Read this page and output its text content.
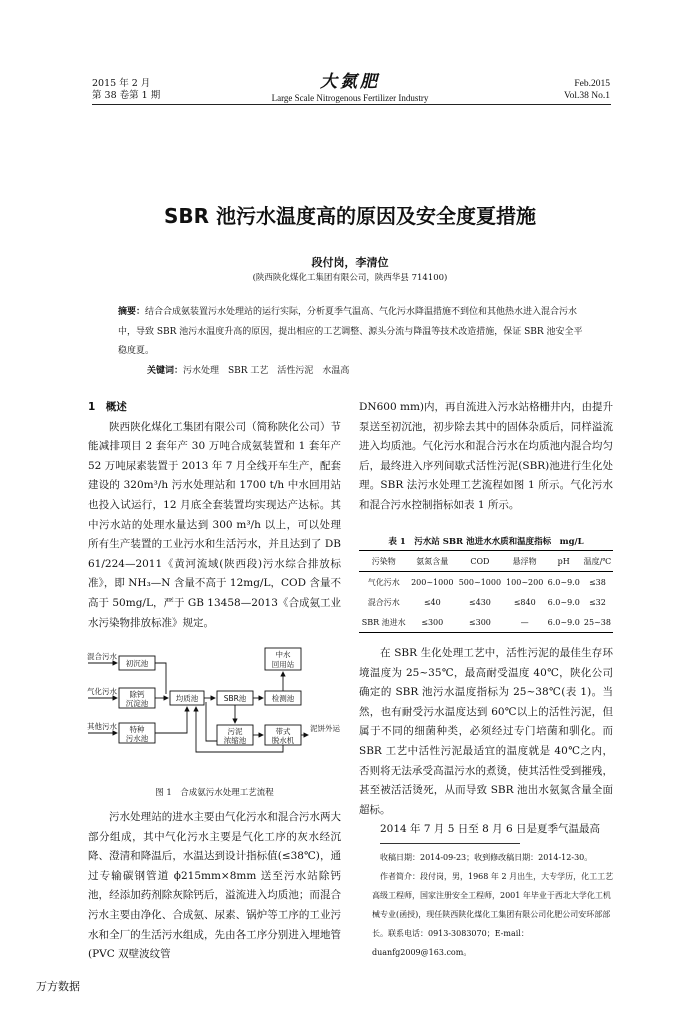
2015 年 2 月
第 38 卷第 1 期
大氮肥
Large Scale Nitrogenous Fertilizer Industry
Feb.2015
Vol.38 No.1
SBR 池污水温度高的原因及安全度夏措施
段付岗，李清位
(陕西陕化煤化工集团有限公司，陕西华县 714100)
摘要：结合合成氨装置污水处理站的运行实际，分析夏季气温高、气化污水降温措施不到位和其他热水进入混合污水中，导致 SBR 池污水温度升高的原因，提出相应的工艺调整、源头分流与降温等技术改造措施，保证 SBR 池安全平稳度夏。
关键词：污水处理　SBR 工艺　活性污泥　水温高
1　概述

陕西陕化煤化工集团有限公司（简称陕化公司）节能减排项目 2 套年产 30 万吨合成氨装置和 1 套年产 52 万吨尿素装置于 2013 年 7 月全线开车生产，配套建设的 320m³/h 污水处理站和 1700 t/h 中水回用站也投入试运行，12 月底全套装置均实现达产达标。其中污水站的处理水量达到 300 m³/h 以上，可以处理所有生产装置的工业污水和生活污水，并且达到了 DB 61/224—2011《黄河流域(陕西段)污水综合排放标准》，即 NH₃—N 含量不高于 12mg/L，COD 含量不高于 50mg/L，严于 GB 13458—2013《合成氨工业水污染物排放标准》规定。

混合污水
气化污水
其他污水
初沉池
除钙
沉淀池
特种
污水池
均质池	SBR池	检测池
中水
回用站
污泥
浓缩池
带式
脱水机
泥饼外运
图 1　合成氨污水处理工艺流程

污水处理站的进水主要由气化污水和混合污水两大部分组成，其中气化污水主要是气化工序的灰水经沉降、澄清和降温后，水温达到设计指标值(≤38℃)，通过专输碳钢管道 ϕ215mm×8mm 送至污水站除钙池，经添加药剂除灰除钙后，溢流进入均质池；而混合污水主要由净化、合成氨、尿素、锅炉等工序的工业污水和全厂的生活污水组成，先由各工序分别进入埋地管 (PVC 双壁波纹管

DN600 mm)内，再自流进入污水站格栅井内，由提升泵送至初沉池，初步除去其中的固体杂质后，同样溢流进入均质池。气化污水和混合污水在均质池内混合均匀后，最终进入序列间歇式活性污泥(SBR)池进行生化处理。SBR 法污水处理工艺流程如图 1 所示。气化污水和混合污水控制指标如表 1 所示。

表 1　污水站 SBR 池进水水质和温度指标　mg/L
污染物	氨氮含量	COD	悬浮物	pH	温度/℃
气化污水	200~1000	500~1000	100~200	6.0~9.0	≤38
混合污水	≤40	≤430	≤840	6.0~9.0	≤32
SBR 池进水	≤300	≤300	—	6.0~9.0	25~38

在 SBR 生化处理工艺中，活性污泥的最佳生存环境温度为 25~35℃，最高耐受温度 40℃，陕化公司确定的 SBR 池污水温度指标为 25~38℃(表 1)。当然，也有耐受污水温度达到 60℃以上的活性污泥，但属于不同的细菌种类，必须经过专门培菌和驯化。而 SBR 工艺中活性污泥最适宜的温度就是 40℃之内，否则将无法承受高温污水的煮烫，使其活性受到摧残，甚至被活活烫死，从而导致 SBR 池出水氨氮含量全面超标。

2014 年 7 月 5 日至 8 月 6 日是夏季气温最高

收稿日期：2014-09-23；收到修改稿日期：2014-12-30。

作者简介：段付岗，男，1968 年 2 月出生，大专学历，化工工艺高级工程师，国家注册安全工程师，2001 年毕业于西北大学化工机械专业(函授)，现任陕西陕化煤化工集团有限公司化肥公司安环部部长。联系电话：0913-3083070；E-mail：duanfg2009@163.com。

万方数据
